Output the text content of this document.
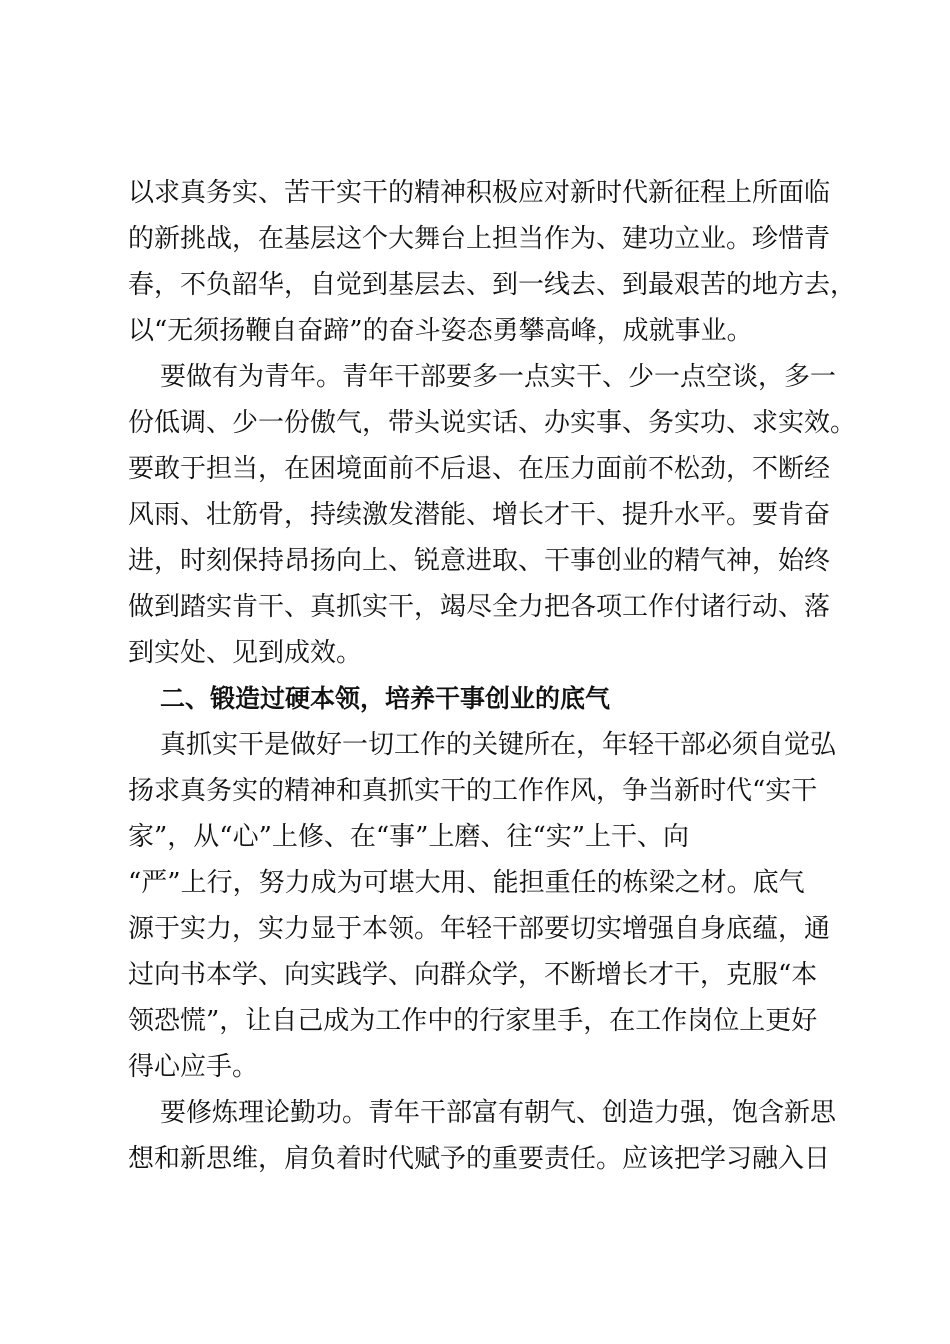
以求真务实、苦干实干的精神积极应对新时代新征程上所面临
的新挑战，在基层这个大舞台上担当作为、建功立业。珍惜青
春，不负韶华，自觉到基层去、到一线去、到最艰苦的地方去，
以“无须扬鞭自奋蹄”的奋斗姿态勇攀高峰，成就事业。
要做有为青年。青年干部要多一点实干、少一点空谈，多一
份低调、少一份傲气，带头说实话、办实事、务实功、求实效。
要敢于担当，在困境面前不后退、在压力面前不松劲，不断经
风雨、壮筋骨，持续激发潜能、增长才干、提升水平。要肯奋
进，时刻保持昂扬向上、锐意进取、干事创业的精气神，始终
做到踏实肯干、真抓实干，竭尽全力把各项工作付诸行动、落
到实处、见到成效。
二、锻造过硬本领，培养干事创业的底气
真抓实干是做好一切工作的关键所在，年轻干部必须自觉弘
扬求真务实的精神和真抓实干的工作作风，争当新时代“实干
家”，从“心”上修、在“事”上磨、往“实”上干、向
“严”上行，努力成为可堪大用、能担重任的栋梁之材。底气
源于实力，实力显于本领。年轻干部要切实增强自身底蕴，通
过向书本学、向实践学、向群众学，不断增长才干，克服“本
领恐慌”，让自己成为工作中的行家里手，在工作岗位上更好
得心应手。
要修炼理论勤功。青年干部富有朝气、创造力强，饱含新思
想和新思维，肩负着时代赋予的重要责任。应该把学习融入日
